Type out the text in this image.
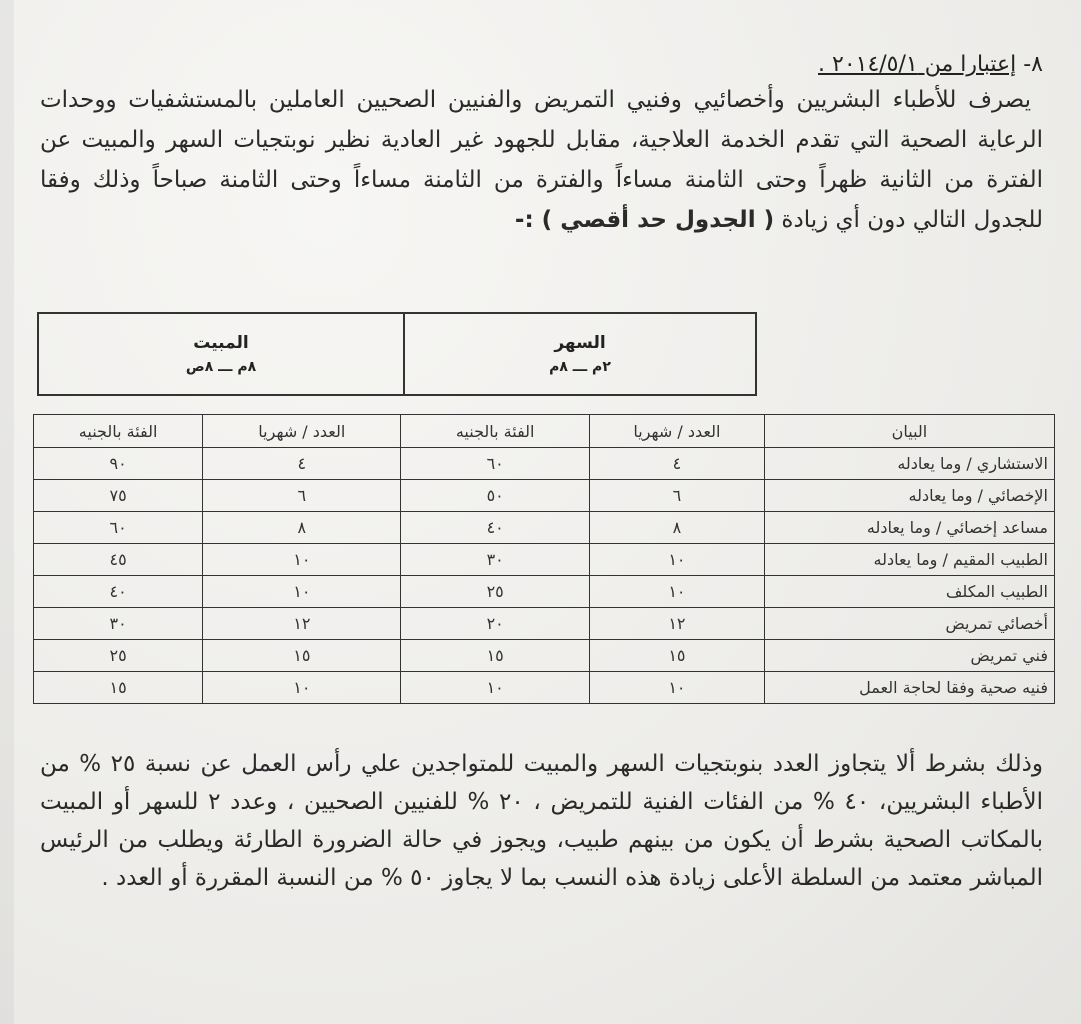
٨- إعتبارا من ٢٠١٤/٥/١ .
يصرف للأطباء البشريين وأخصائيي وفنيي التمريض والفنيين الصحيين العاملين بالمستشفيات ووحدات الرعاية الصحية التي تقدم الخدمة العلاجية، مقابل للجهود غير العادية نظير نوبتجيات السهر والمبيت عن الفترة من الثانية ظهراً وحتى الثامنة مساءاً والفترة من الثامنة مساءاً وحتى الثامنة صباحاً وذلك وفقا للجدول التالي دون أي زيادة ( الجدول حد أقصي ) :-
السهر
٢م ـــ ٨م

المبيت
٨م ـــ ٨ص
البيان	العدد / شهريا	الفئة بالجنيه	العدد / شهريا	الفئة بالجنيه
الاستشاري / وما يعادله	٤	٦٠	٤	٩٠
الإخصائي / وما يعادله	٦	٥٠	٦	٧٥
مساعد إخصائي / وما يعادله	٨	٤٠	٨	٦٠
الطبيب المقيم / وما يعادله	١٠	٣٠	١٠	٤٥
الطبيب المكلف	١٠	٢٥	١٠	٤٠
أخصائي تمريض	١٢	٢٠	١٢	٣٠
فني تمريض	١٥	١٥	١٥	٢٥
فنيه صحية وفقا لحاجة العمل	١٠	١٠	١٠	١٥
وذلك بشرط ألا يتجاوز العدد بنوبتجيات السهر والمبيت للمتواجدين علي رأس العمل عن نسبة ٢٥ % من الأطباء البشريين، ٤٠ % من الفئات الفنية للتمريض ، ٢٠ % للفنيين الصحيين ، وعدد ٢ للسهر أو المبيت بالمكاتب الصحية بشرط أن يكون من بينهم طبيب، ويجوز في حالة الضرورة الطارئة ويطلب من الرئيس المباشر معتمد من السلطة الأعلى زيادة هذه النسب بما لا يجاوز ٥٠ % من النسبة المقررة أو العدد .
